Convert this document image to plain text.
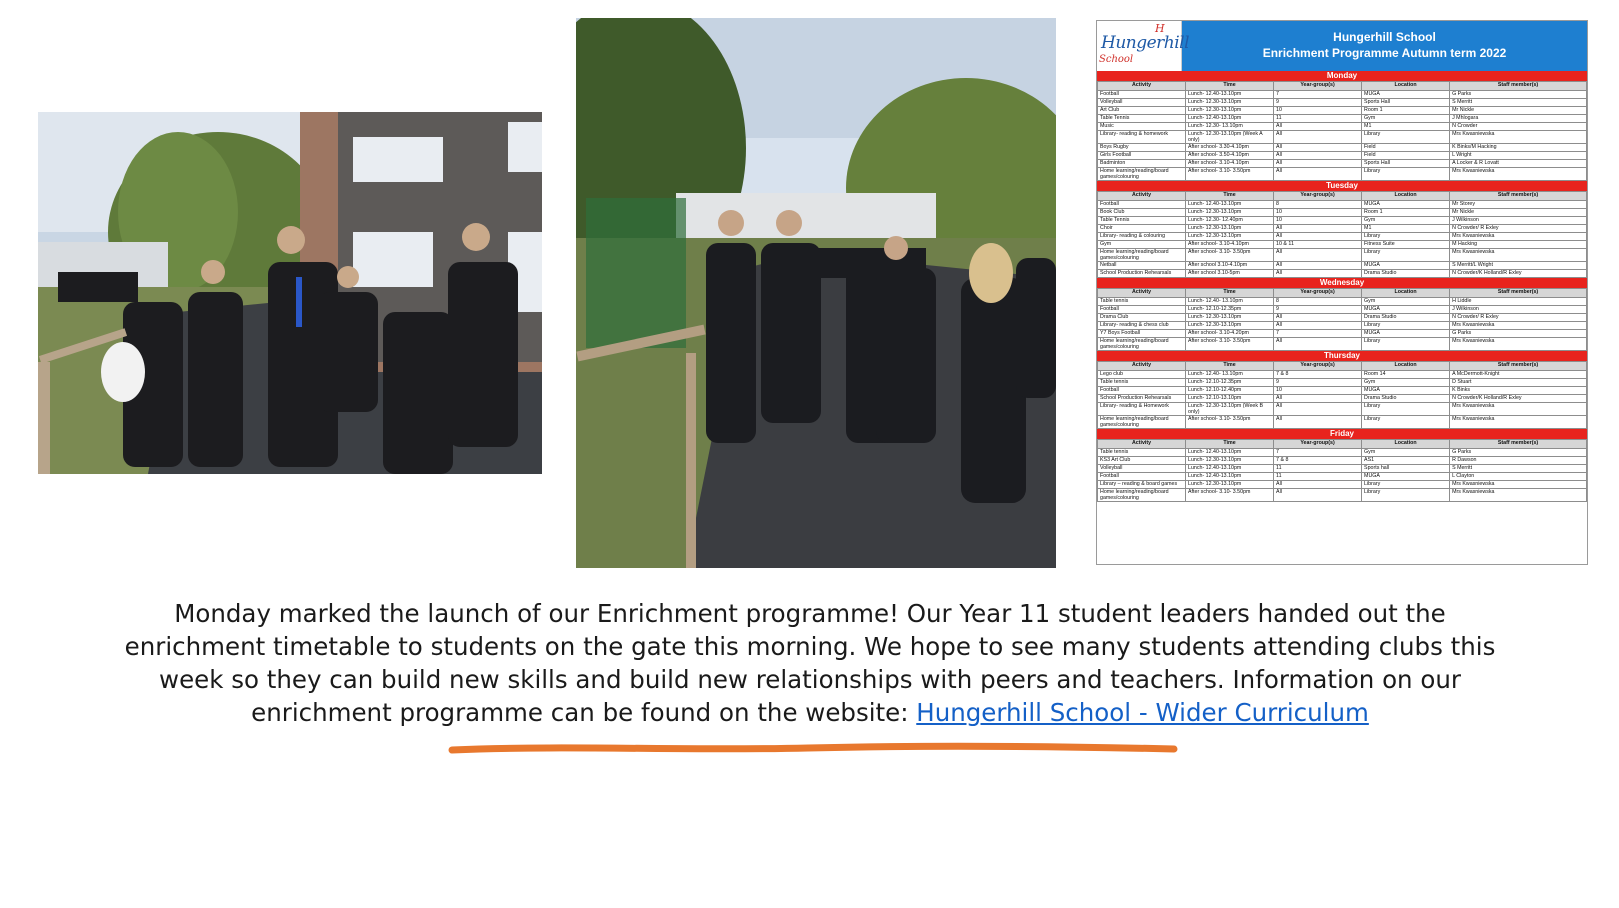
H
Hungerhill
School
Hungerhill School
Enrichment Programme Autumn term 2022
Monday
Activity	Time	Year-group(s)	Location	Staff member(s)
Football	Lunch- 12.40-13.10pm	7	MUGA	G Parks
Volleyball	Lunch- 12.30-13.10pm	9	Sports Hall	S Merritt
Art Club	Lunch- 12.30-13.10pm	10	Room 1	Mr Nickle
Table Tennis	Lunch- 12.40-13.10pm	11	Gym	J Mhlogara
Music	Lunch- 12.30- 13.10pm	All	M1	N Crowder
Library- reading & homework	Lunch- 12.30-13.10pm (Week A only)	All	Library	Mrs Kwasniewska
Boys Rugby	After school- 3.30-4.10pm	All	Field	K Binks/M Hacking
Girls Football	After school- 3.50-4.10pm	All	Field	L Wright
Badminton	After school- 3.10-4.10pm	All	Sports Hall	A Locker & R Lovatt
Home learning/reading/board games/colouring	After school- 3.10- 3.50pm	All	Library	Mrs Kwasniewska
Tuesday
Activity	Time	Year-group(s)	Location	Staff member(s)
Football	Lunch- 12.40-13.10pm	8	MUGA	Mr Storey
Book Club	Lunch- 12.30-13.10pm	10	Room 1	Mr Nickle
Table Tennis	Lunch- 12.30- 12.40pm	10	Gym	J Wilkinson
Choir	Lunch- 12.30-13.10pm	All	M1	N Crowder/ R Exley
Library- reading & colouring	Lunch- 12.30-13.10pm	All	Library	Mrs Kwasniewska
Gym	After school- 3.10-4.10pm	10 & 11	Fitness Suite	M Hacking
Home learning/reading/board games/colouring	After school- 3.10- 3.50pm	All	Library	Mrs Kwasniewska
Netball	After school 3.10-4.10pm	All	MUGA	S Merritt/L Wright
School Production Rehearsals	After school 3.10-5pm	All	Drama Studio	N Crowder/K Holland/R Exley
Wednesday
Activity	Time	Year-group(s)	Location	Staff member(s)
Table tennis	Lunch- 12.40- 13.10pm	8	Gym	H Liddle
Football	Lunch- 12.10-12.35pm	9	MUGA	J Wilkinson
Drama Club	Lunch- 12.30-13.10pm	All	Drama Studio	N Crowder/ R Exley
Library- reading & chess club	Lunch- 12.30-13.10pm	All	Library	Mrs Kwasniewska
Y7 Boys Football	After school- 3.10-4.20pm	7	MUGA	G Parks
Home learning/reading/board games/colouring	After school- 3.10- 3.50pm	All	Library	Mrs Kwasniewska
Thursday
Activity	Time	Year-group(s)	Location	Staff member(s)
Lego club	Lunch- 12.40- 13.10pm	7 & 8	Room 14	A McDermott-Knight
Table tennis	Lunch- 12.10-12.35pm	9	Gym	D Stuart
Football	Lunch- 12.10-12.40pm	10	MUGA	K Binks
School Production Rehearsals	Lunch- 12.10-13.10pm	All	Drama Studio	N Crowder/K Holland/R Exley
Library- reading & Homework	Lunch- 12.30-13.10pm (Week B only)	All	Library	Mrs Kwasniewska
Home learning/reading/board games/colouring	After school- 3.10- 3.50pm	All	Library	Mrs Kwasniewska
Friday
Activity	Time	Year-group(s)	Location	Staff member(s)
Table tennis	Lunch- 12.40-13.10pm	7	Gym	G Parks
KS3 Art Club	Lunch- 12.30-13.10pm	7 & 8	AS1	R Dawson
Volleyball	Lunch- 12.40-13.10pm	11	Sports hall	S Merritt
Football	Lunch- 12.40-13.10pm	11	MUGA	L Clayton
Library – reading & board games	Lunch- 12.30-13.10pm	All	Library	Mrs Kwasniewska
Home learning/reading/board games/colouring	After school- 3.10- 3.50pm	All	Library	Mrs Kwasniewska
Monday marked the launch of our Enrichment programme! Our Year 11 student leaders handed out the enrichment timetable to students on the gate this morning. We hope to see many students attending clubs this week so they can build new skills and build new relationships with peers and teachers. Information on our enrichment programme can be found on the website: Hungerhill School - Wider Curriculum
